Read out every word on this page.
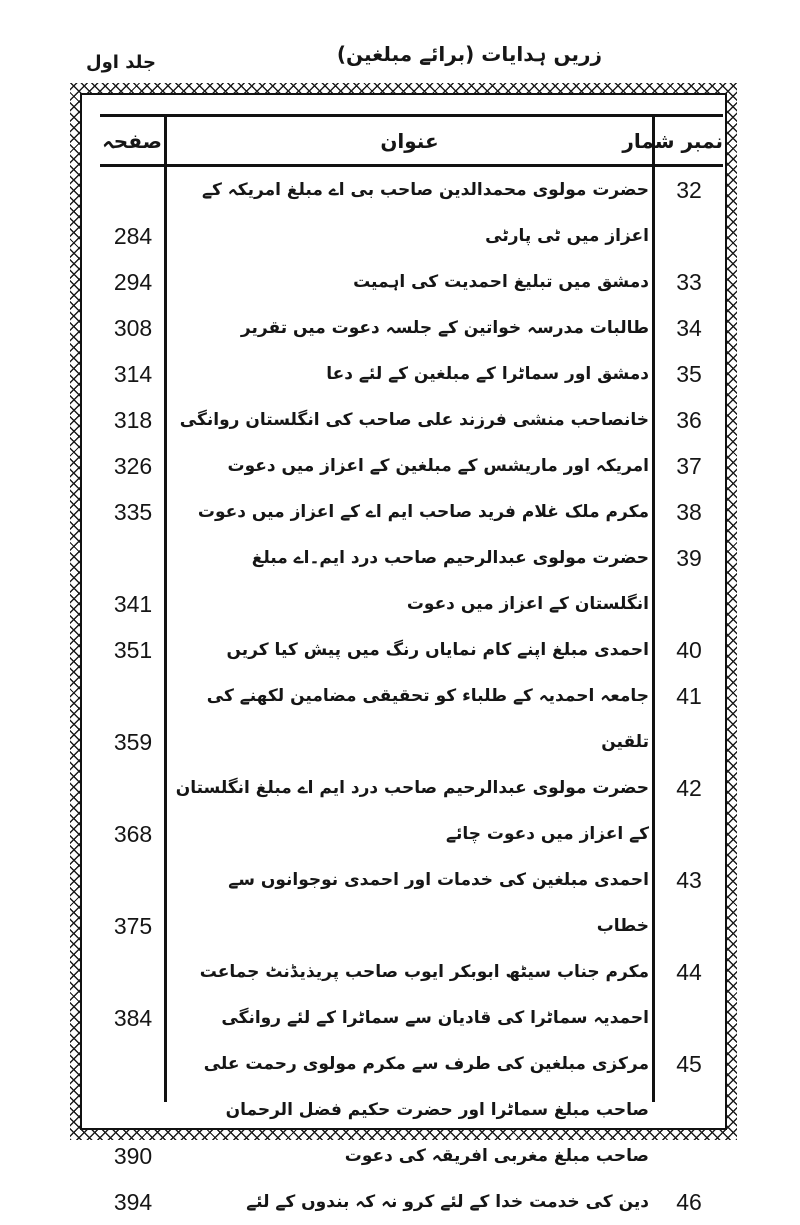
زریں ہدایات (برائے مبلغین)
جلد اول
صفحہ	عنوان	نمبر شمار
32
حضرت مولوی محمدالدین صاحب بی اے مبلغ امریکہ کے اعزاز میں ٹی پارٹی
284
33
دمشق میں تبلیغ احمدیت کی اہمیت
294
34
طالبات مدرسہ خواتین کے جلسہ دعوت میں تقریر
308
35
دمشق اور سماٹرا کے مبلغین کے لئے دعا
314
36
خانصاحب منشی فرزند علی صاحب کی انگلستان روانگی
318
37
امریکہ اور ماریشس کے مبلغین کے اعزاز میں دعوت
326
38
مکرم ملک غلام فرید صاحب ایم اے کے اعزاز میں دعوت
335
39
حضرت مولوی عبدالرحیم صاحب درد ایم۔اے مبلغ انگلستان کے اعزاز میں دعوت
341
40
احمدی مبلغ اپنے کام نمایاں رنگ میں پیش کیا کریں
351
41
جامعہ احمدیہ کے طلباء کو تحقیقی مضامین لکھنے کی تلقین
359
42
حضرت مولوی عبدالرحیم صاحب درد ایم اے مبلغ انگلستان کے اعزاز میں دعوت چائے
368
43
احمدی مبلغین کی خدمات اور احمدی نوجوانوں سے خطاب
375
44
مکرم جناب سیٹھ ابوبکر ایوب صاحب پریذیڈنٹ جماعت احمدیہ سماٹرا کی قادیان سے سماٹرا کے لئے روانگی
384
45
مرکزی مبلغین کی طرف سے مکرم مولوی رحمت علی صاحب مبلغ سماٹرا اور حضرت حکیم فضل الرحمان صاحب مبلغ مغربی افریقہ کی دعوت
390
46
دین کی خدمت خدا کے لئے کرو نہ کہ بندوں کے لئے
394
